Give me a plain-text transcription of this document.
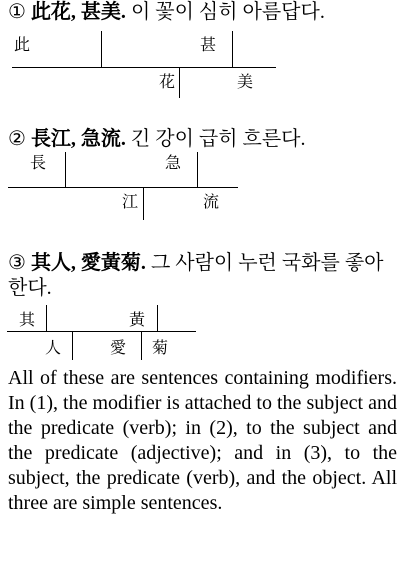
① 此花, 甚美. 이 꽃이 심히 아름답다.

② 長江, 急流. 긴 강이 급히 흐른다.

③ 其人, 愛黃菊. 그 사람이 누런 국화를 좋아한다.

此	甚
花	美
長	急
江	流
其	黃
人	愛 菊

All of these are sentences containing modifiers. In (1), the modifier is attached to the subject and the predicate (verb); in (2), to the subject and the predicate (adjective); and in (3), to the subject, the predicate (verb), and the object. All three are simple sentences.
